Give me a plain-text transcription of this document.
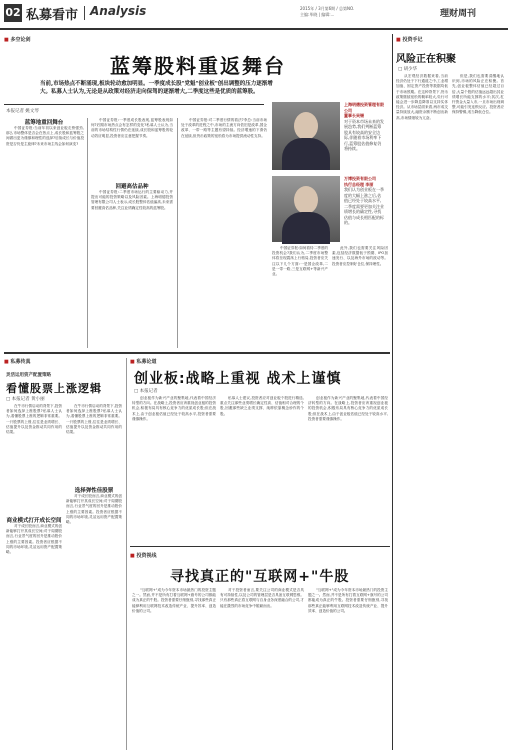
02 私募看市 Analysis	2015年 / 3月第6期 / 总第NO.
主编:毕晓 | 编辑:...	理财周刊
■ 多空论剑
蓝筹股料重返舞台
当前,市场热点不断涌现,板块轮动愈加明显。一季度成长股"党魁"创业板"创出调整的压力逐渐增大。私募人士认为,无论是从政策对经济走向保驾的逐渐增大,二季度这些是优质的蓝筹股。
本报记者 姚文琴
蓝筹地重回舞台

中国证券报:当前年初以来创业板走势强劲,那么市场整体是否会在热点上,成长股和蓝筹股之间做出更为谨慎和理性的选择?后续成长与价值投资是否仍是主旋律?未来市场主线会如何演变?

中国证券报:一季度成长股表现,蓝筹股表现如何?后期市场热点会有怎样的变化?私募人士认为,当前的市场结构性行情仍在延续,成长股和蓝筹股的轮动效应明显,投资者应注意把握节奏。

回避高估品种

中国证券报:二季度市场运行的主要驱动力,并提出可能的投资策略以及风险因素。上海明德投资管理有限公司人士表示,成长股整体估值偏高,未来需要回避高估品种,关注业绩确定性较高的蓝筹股。

中国证券报:对二季度行情的看法?李总:当前市场处于改革的进程之中,市场的主流方向依旧是改革,国企改革、一带一路等主题有望持续。经济增速的下滑仍在延续,但货币政策的宽松将为市场提供流动性支持。

上海明德投资管理有限公司
董事长吴锡
对于资本市场未来的发展趋势,我们判断蓝筹股具有较高的安全边际,伴随着市场利率下行,蓝筹股估值修复仍将持续。
万博投资有限公司
执行总经理 李丽
我们认为创业板在一季度的大幅上涨之后,估值已经处于较高水平,二季度需要更加关注业绩增长的确定性,寻找估值与成长相匹配的标的。

中国证券报:如何看待二季度的投资机会?我们认为,二季度市场整体将呈现震荡上行格局,投资者应关注以下几个方面:一是国企改革,二是一带一路,三是互联网+等新兴产业。

此外,我们也需要关注风险因素,包括经济数据低于预期、IPO加速发行、以及海外市场的波动等。投资者应控制好仓位,保持理性。

■ 投资手记
风险正在积聚
□ 胡少华

从宏观经济数据来看,当前经济仍处于下行通道之中,工业增加值、固定资产投资等数据均低于市场预期。在这种背景下,货币政策继续宽松的概率较大,央行可能会进一步降息降准以支持实体经济。从市场层面来看,两市成交量持续放大,融资余额不断创出新高,市场情绪较为亢奋。

但是,我们也需要清醒地认识到,市场的风险正在积聚。首先,创业板整体估值已经超过百倍,大量个股的估值远远超出其业绩增长所能支撑的水平;其次,杠杆资金大量入市,一旦市场出现调整,可能引发连锁反应。投资者应保持警惕,适当降低仓位。

■ 私募传真
灵活运用资产配置策略
看懂股票上涨逻辑
□ 本报记者 黄小丽

在牛市行情启动的背景下,投资者如何选择上涨股票?私募人士认为,看懂股票上涨的逻辑非常重要。一只股票的上涨,往往是业绩增长、估值提升以及资金推动共同作用的结果。

商业模式打开成长空间

对于成长股而言,商业模式的创新能够打开其成长空间;对于周期股而言,行业景气度的回升是推动股价上涨的主要因素。投资者应根据不同的市场环境,灵活运用资产配置策略。

在牛市行情启动的背景下,投资者如何选择上涨股票?私募人士认为,看懂股票上涨的逻辑非常重要。一只股票的上涨,往往是业绩增长、估值提升以及资金推动共同作用的结果。

选择弹性佳股票

对于成长股而言,商业模式的创新能够打开其成长空间;对于周期股而言,行业景气度的回升是推动股价上涨的主要因素。投资者应根据不同的市场环境,灵活运用资产配置策略。

■ 私募论道
创业板:战略上重视 战术上谨慎
□ 本报记者

创业板作为新兴产业的聚集地,代表着中国经济转型的方向。在战略上,投资者应该重视创业板的投资机会,积极布局具有核心竞争力的优质成长股;但在战术上,由于创业板估值已经处于较高水平,投资者需要谨慎操作。

私募人士建议,投资者应对创业板个股进行精选,重点关注那些业绩增长确定性高、估值相对合理的个股,回避那些缺乏业绩支撑、纯粹依靠概念炒作的个股。

创业板作为新兴产业的聚集地,代表着中国经济转型的方向。在战略上,投资者应该重视创业板的投资机会,积极布局具有核心竞争力的优质成长股;但在战术上,由于创业板估值已经处于较高水平,投资者需要谨慎操作。

■ 投资视线
寻找真正的"互联网+"牛股

"互联网+"成为今年资本市场最热门的投资主题之一。然而,并不是所有打着互联网+旗号的公司都能成为真正的牛股。投资者需要仔细甄别,寻找那些真正能够利用互联网技术改造传统产业、提升效率、创造价值的公司。

对于投资者而言,要关注公司的商业模式是否具有可持续性,以及公司的管理层是否具备互联网思维。只有那些真正将互联网与自身业务深度融合的公司,才能在激烈的市场竞争中脱颖而出。

"互联网+"成为今年资本市场最热门的投资主题之一。然而,并不是所有打着互联网+旗号的公司都能成为真正的牛股。投资者需要仔细甄别,寻找那些真正能够利用互联网技术改造传统产业、提升效率、创造价值的公司。
